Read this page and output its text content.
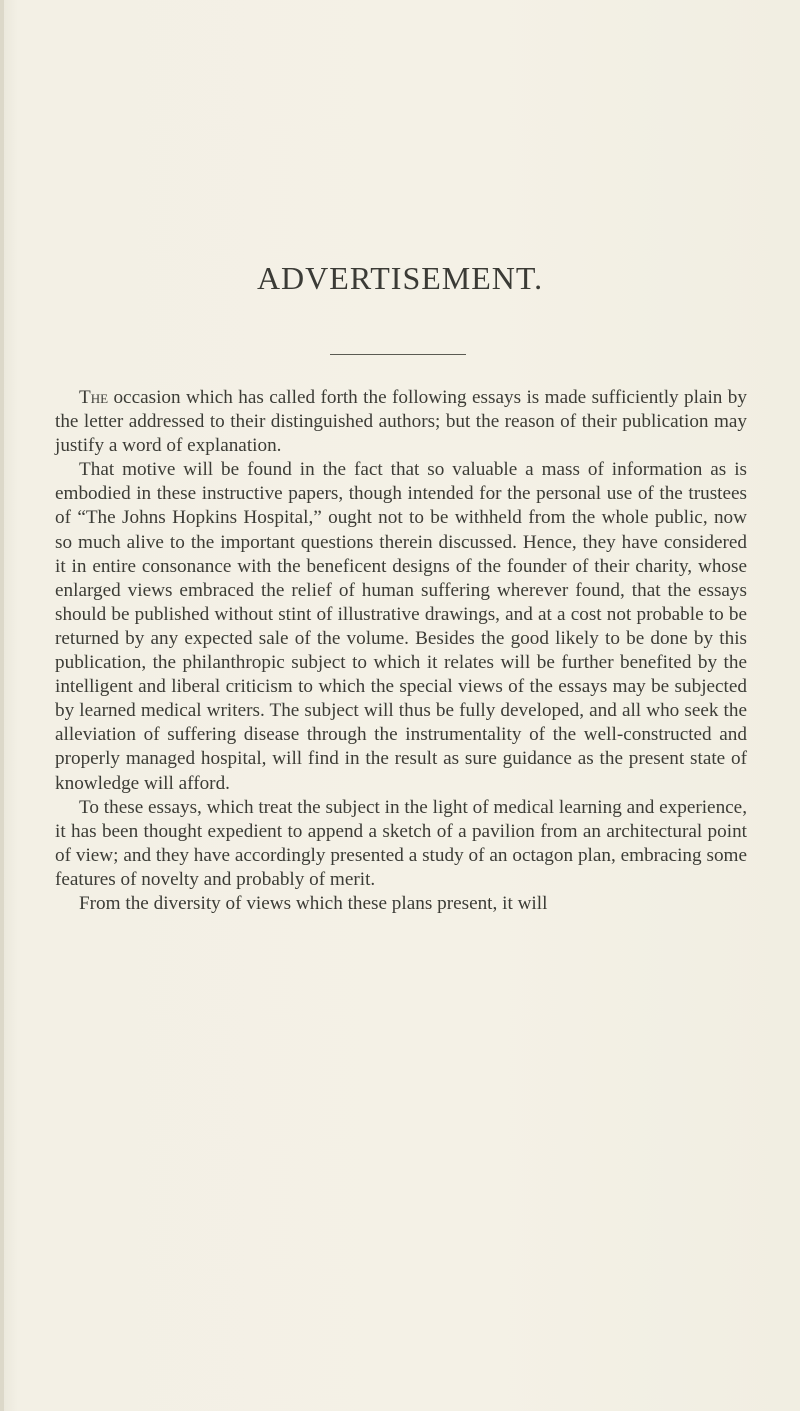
ADVERTISEMENT.

The occasion which has called forth the following essays is made sufficiently plain by the letter addressed to their distinguished authors; but the reason of their publication may justify a word of explanation.

That motive will be found in the fact that so valuable a mass of information as is embodied in these instructive papers, though intended for the personal use of the trustees of “The Johns Hopkins Hospital,” ought not to be withheld from the whole public, now so much alive to the important questions therein discussed. Hence, they have considered it in entire consonance with the beneficent designs of the founder of their charity, whose enlarged views embraced the relief of human suffering wherever found, that the essays should be published without stint of illustrative drawings, and at a cost not probable to be returned by any expected sale of the volume. Besides the good likely to be done by this publication, the philanthropic subject to which it relates will be further benefited by the intelligent and liberal criticism to which the special views of the essays may be subjected by learned medical writers. The subject will thus be fully developed, and all who seek the alleviation of suffering disease through the instrumentality of the well-constructed and properly managed hospital, will find in the result as sure guidance as the present state of knowledge will afford.

To these essays, which treat the subject in the light of medical learning and experience, it has been thought expedient to append a sketch of a pavilion from an architectural point of view; and they have accordingly presented a study of an octagon plan, embracing some features of novelty and probably of merit.

From the diversity of views which these plans present, it will
